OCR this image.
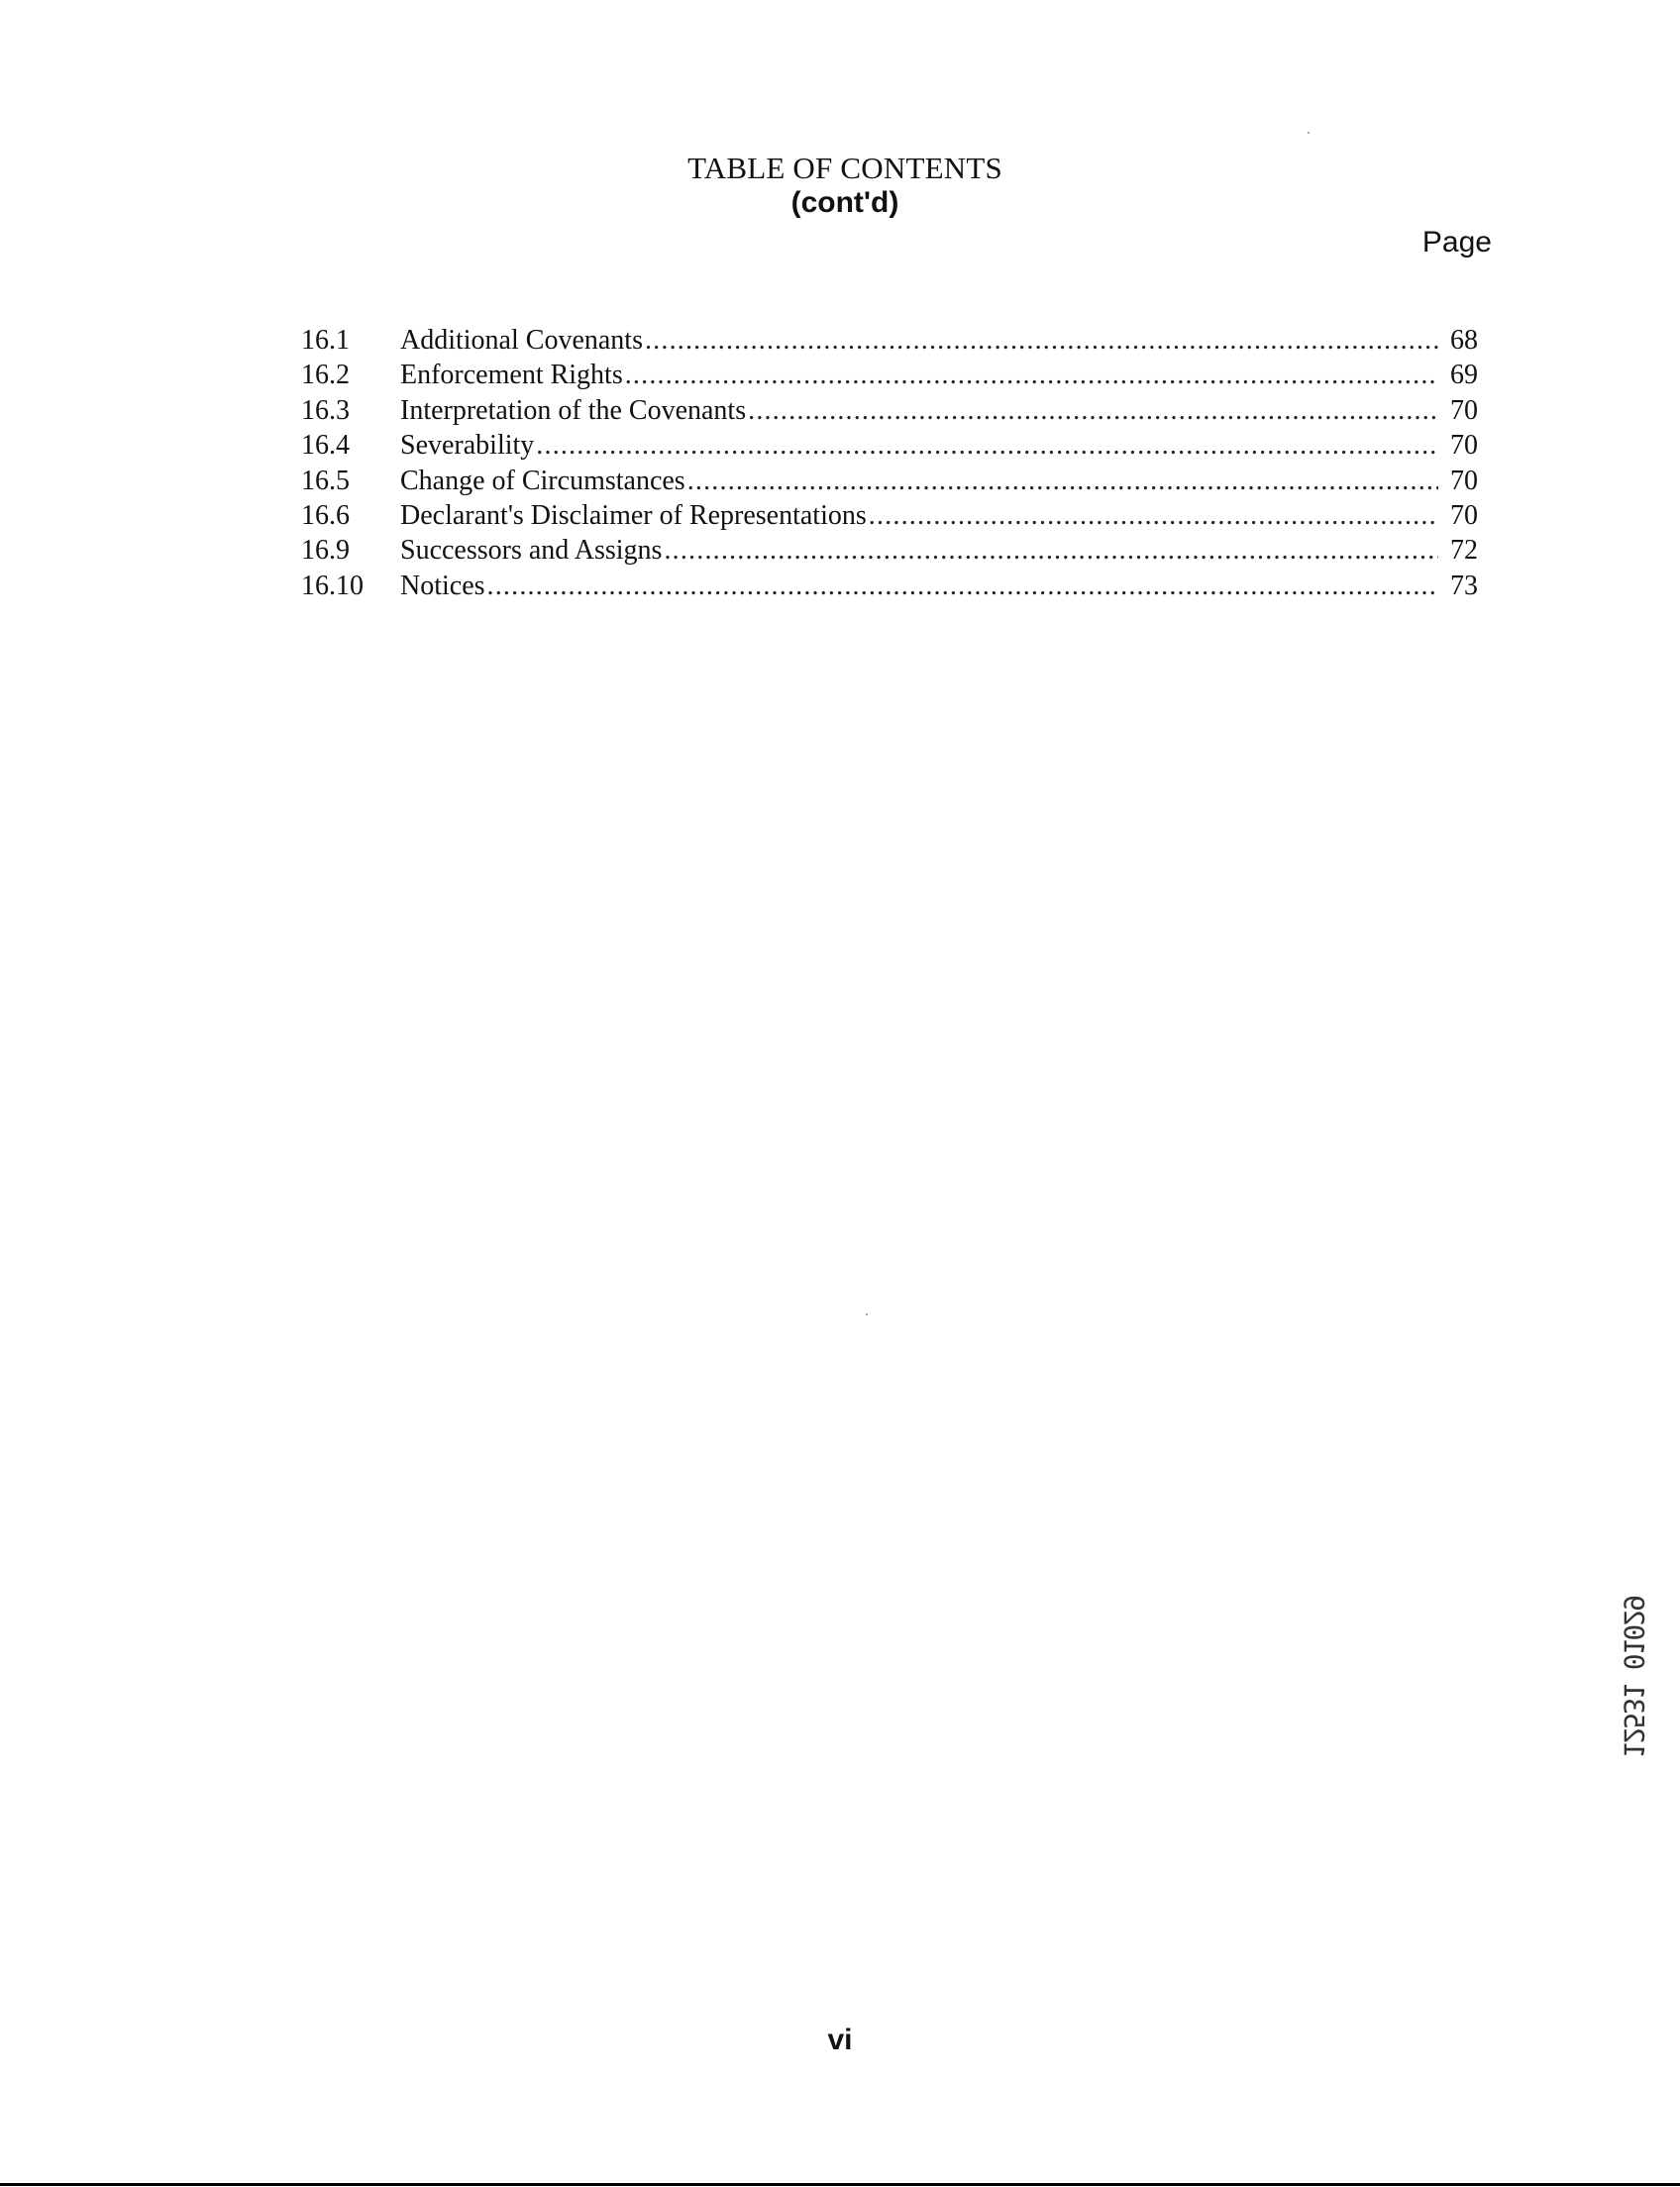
TABLE OF CONTENTS
(cont'd)
Page
16.1	Additional Covenants .....	68
16.2	Enforcement Rights .....	69
16.3	Interpretation of the Covenants .....	70
16.4	Severability .....	70
16.5	Change of Circumstances .....	70
16.6	Declarant's Disclaimer of Representations .....	70
16.9	Successors and Assigns .....	72
16.10	Notices .....	73
12531 01029
vi
